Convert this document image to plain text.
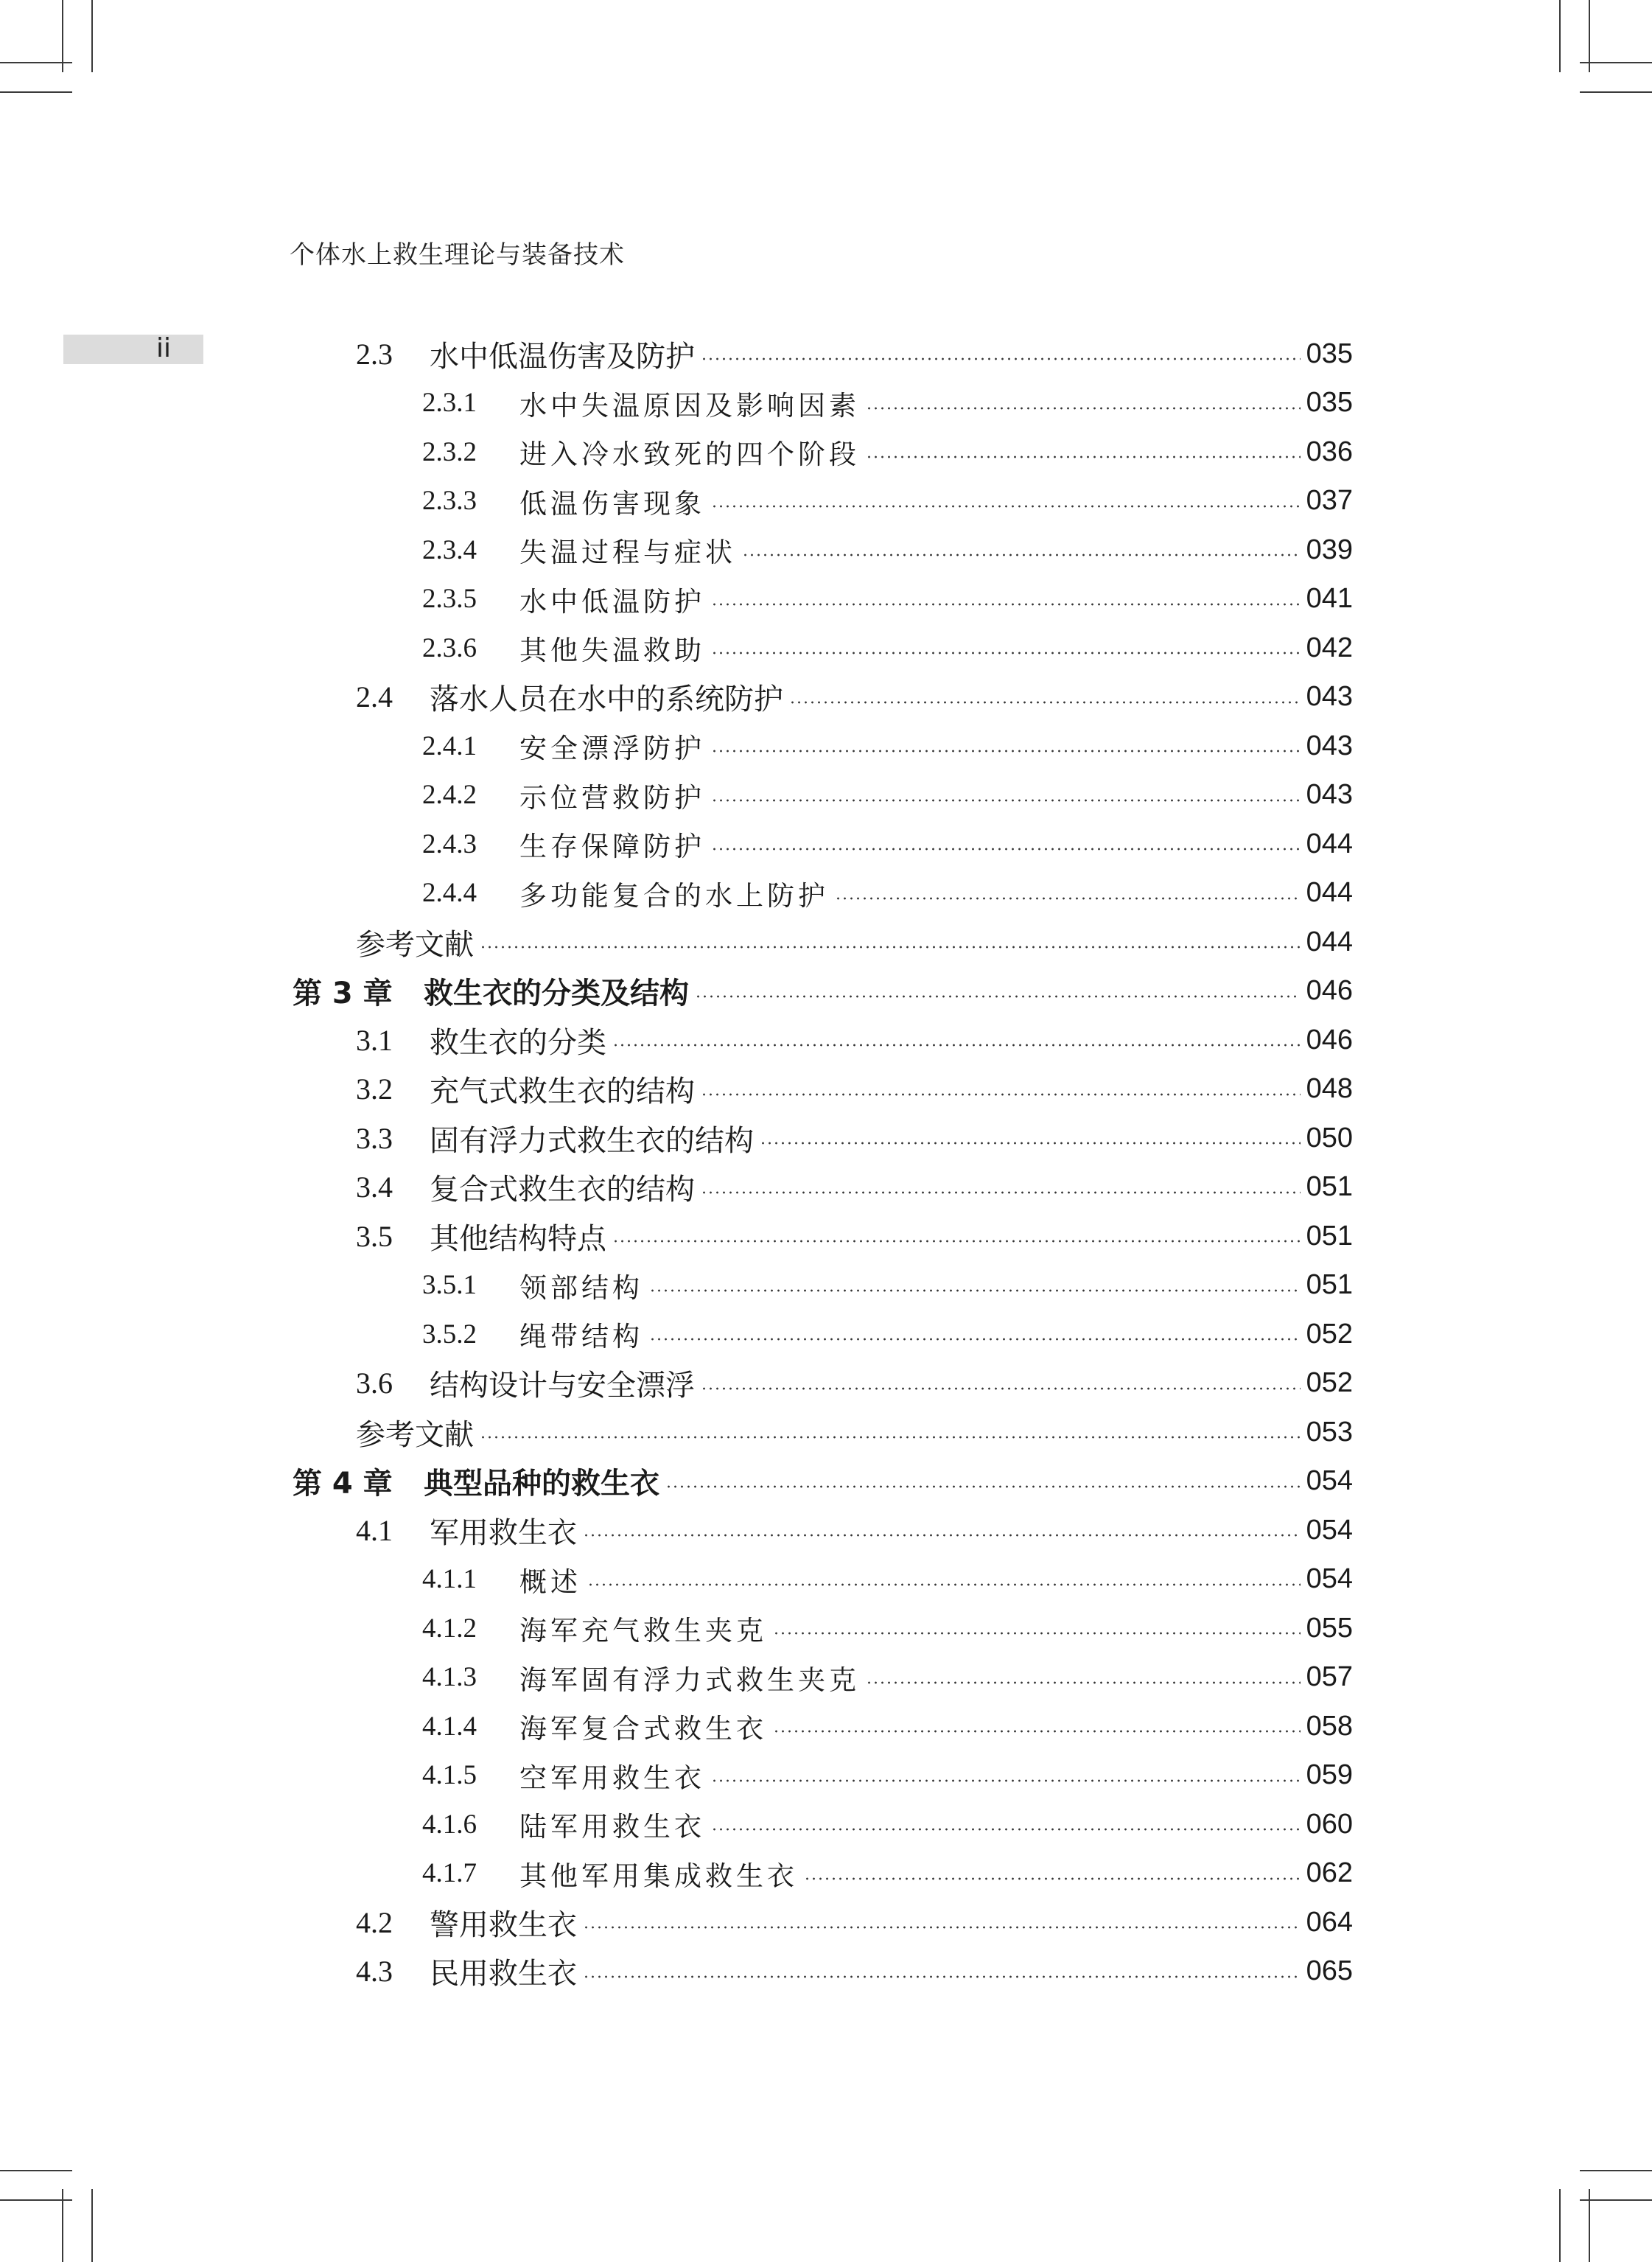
个体水上救生理论与装备技术
ii	2.3	水中低温伤害及防护	035
2.3.1	水中失温原因及影响因素	035
2.3.2	进入冷水致死的四个阶段	036
2.3.3	低温伤害现象	037
2.3.4	失温过程与症状	039
2.3.5	水中低温防护	041
2.3.6	其他失温救助	042
2.4	落水人员在水中的系统防护	043
2.4.1	安全漂浮防护	043
2.4.2	示位营救防护	043
2.4.3	生存保障防护	044
2.4.4	多功能复合的水上防护	044
参考文献	044
第 3 章	救生衣的分类及结构	046
3.1	救生衣的分类	046
3.2	充气式救生衣的结构	048
3.3	固有浮力式救生衣的结构	050
3.4	复合式救生衣的结构	051
3.5	其他结构特点	051
3.5.1	领部结构	051
3.5.2	绳带结构	052
3.6	结构设计与安全漂浮	052
参考文献	053
第 4 章	典型品种的救生衣	054
4.1	军用救生衣	054
4.1.1	概述	054
4.1.2	海军充气救生夹克	055
4.1.3	海军固有浮力式救生夹克	057
4.1.4	海军复合式救生衣	058
4.1.5	空军用救生衣	059
4.1.6	陆军用救生衣	060
4.1.7	其他军用集成救生衣	062
4.2	警用救生衣	064
4.3	民用救生衣	065
